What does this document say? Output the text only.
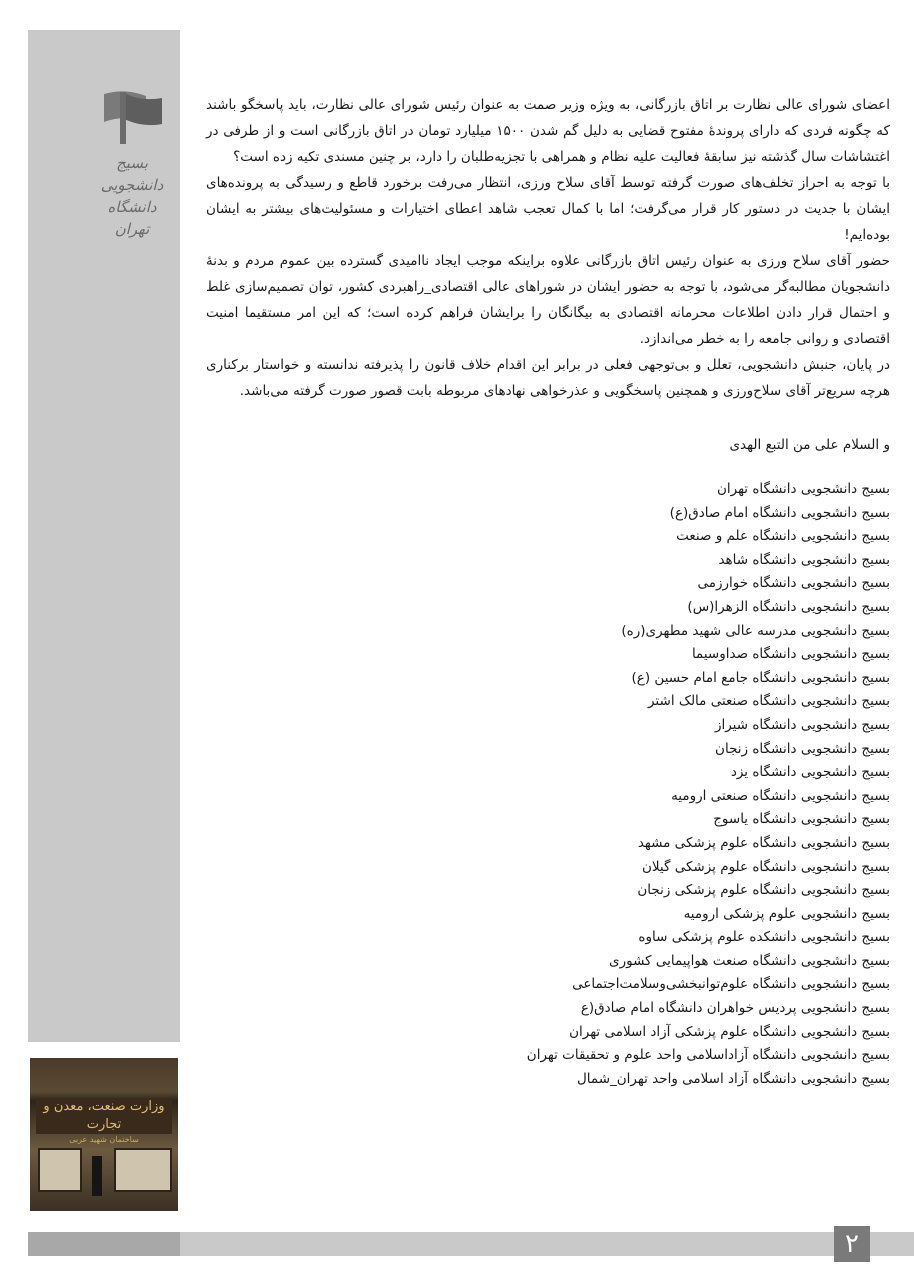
بسیج دانشجویی
دانشگاه تهران
وزارت صنعت، معدن و تجارت
ساختمان شهید عربی

اعضای شورای عالی نظارت بر اتاق بازرگانی، به ویژه وزیر صمت به عنوان رئیس شورای عالی نظارت، باید پاسخگو باشند که چگونه فردی که دارای پروندهٔ مفتوح قضایی به دلیل گم شدن ۱۵۰۰ میلیارد تومان در اتاق بازرگانی است و از طرفی در اغتشاشات سال گذشته نیز سابقهٔ فعالیت علیه نظام و همراهی با تجزیه‌طلبان را دارد، بر چنین مسندی تکیه زده است؟

با توجه به احراز تخلف‌های صورت گرفته توسط آقای سلاح ورزی، انتظار می‌رفت برخورد قاطع و رسیدگی به پرونده‌های ایشان با جدیت در دستور کار قرار می‌گرفت؛ اما با کمال تعجب شاهد اعطای اختیارات و مسئولیت‌های بیشتر به ایشان بوده‌ایم!

حضور آقای سلاح ورزی به عنوان رئیس اتاق بازرگانی علاوه براینکه موجب ایجاد ناامیدی گسترده بین عموم مردم و بدنهٔ دانشجویان مطالبه‌گر می‌شود، با توجه به حضور ایشان در شوراهای عالی اقتصادی_راهبردی کشور، توان تصمیم‌سازی غلط و احتمال قرار دادن اطلاعات محرمانه اقتصادی به بیگانگان را برایشان فراهم کرده است؛ که این امر مستقیما امنیت اقتصادی و روانی جامعه را به خطر می‌اندازد.

در پایان، جنبش دانشجویی، تعلل و بی‌توجهی فعلی در برابر این اقدام خلاف قانون را پذیرفته ندانسته و خواستار برکناری هرچه سریع‌تر آقای سلاح‌ورزی و همچنین پاسخگویی و عذرخواهی نهادهای مربوطه بابت قصور صورت گرفته می‌باشد.

و السلام علی من التبع الهدی
بسیج دانشجویی دانشگاه تهران
بسیج دانشجویی دانشگاه امام صادق(ع)
بسیج دانشجویی دانشگاه علم و صنعت
بسیج دانشجویی دانشگاه شاهد
بسیج دانشجویی دانشگاه خوارزمی
بسیج دانشجویی دانشگاه الزهرا(س)
بسیج دانشجویی مدرسه عالی شهید مطهری(ره)
بسیج دانشجویی دانشگاه صداوسیما
بسیج دانشجویی دانشگاه جامع امام حسین (ع)
بسیج دانشجویی دانشگاه صنعتی مالک اشتر
بسیج دانشجویی دانشگاه شیراز
بسیج دانشجویی دانشگاه زنجان
بسیج دانشجویی دانشگاه یزد
بسیج دانشجویی دانشگاه صنعتی ارومیه
بسیج دانشجویی دانشگاه یاسوج
بسیج دانشجویی دانشگاه علوم پزشکی مشهد
بسیج دانشجویی دانشگاه علوم پزشکی گیلان
بسیج دانشجویی دانشگاه علوم پزشکی زنجان
بسیج دانشجویی علوم پزشکی ارومیه
بسیج دانشجویی دانشکده علوم پزشکی ساوه
بسیج دانشجویی دانشگاه صنعت هواپیمایی کشوری
بسیج دانشجویی دانشگاه علوم‌توانبخشی‌وسلامت‌اجتماعی
بسیج دانشجویی پردیس خواهران دانشگاه امام صادق(ع
بسیج دانشجویی دانشگاه علوم پزشکی آزاد اسلامی تهران
بسیج دانشجویی دانشگاه آزاداسلامی واحد علوم و تحقیقات تهران
بسیج دانشجویی دانشگاه آزاد اسلامی واحد تهران_شمال
۲
